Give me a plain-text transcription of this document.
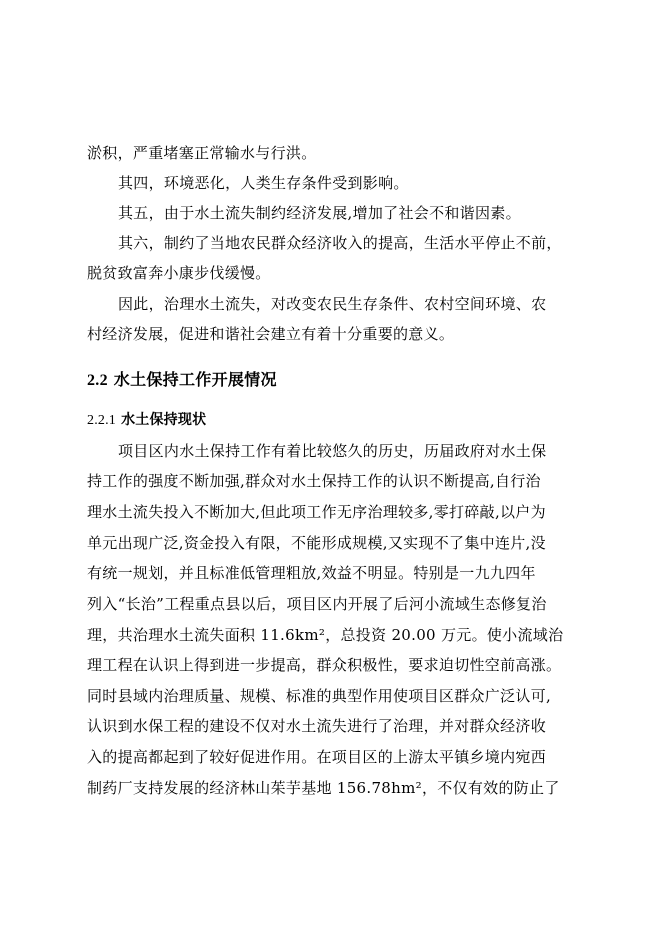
淤积，严重堵塞正常输水与行洪。
其四，环境恶化，人类生存条件受到影响。
其五，由于水土流失制约经济发展,增加了社会不和谐因素。
其六，制约了当地农民群众经济收入的提高，生活水平停止不前，
脱贫致富奔小康步伐缓慢。
因此，治理水土流失，对改变农民生存条件、农村空间环境、农
村经济发展，促进和谐社会建立有着十分重要的意义。
2.2 水土保持工作开展情况
2.2.1 水土保持现状
项目区内水土保持工作有着比较悠久的历史，历届政府对水土保
持工作的强度不断加强,群众对水土保持工作的认识不断提高,自行治
理水土流失投入不断加大,但此项工作无序治理较多,零打碎敲,以户为
单元出现广泛,资金投入有限，不能形成规模,又实现不了集中连片,没
有统一规划，并且标准低管理粗放,效益不明显。特别是一九九四年
列入“长治”工程重点县以后，项目区内开展了后河小流域生态修复治
理，共治理水土流失面积 11.6km²，总投资 20.00 万元。使小流域治
理工程在认识上得到进一步提高，群众积极性，要求迫切性空前高涨。
同时县域内治理质量、规模、标准的典型作用使项目区群众广泛认可,
认识到水保工程的建设不仅对水土流失进行了治理，并对群众经济收
入的提高都起到了较好促进作用。在项目区的上游太平镇乡境内宛西
制药厂支持发展的经济林山茱芋基地 156.78hm²，不仅有效的防止了
